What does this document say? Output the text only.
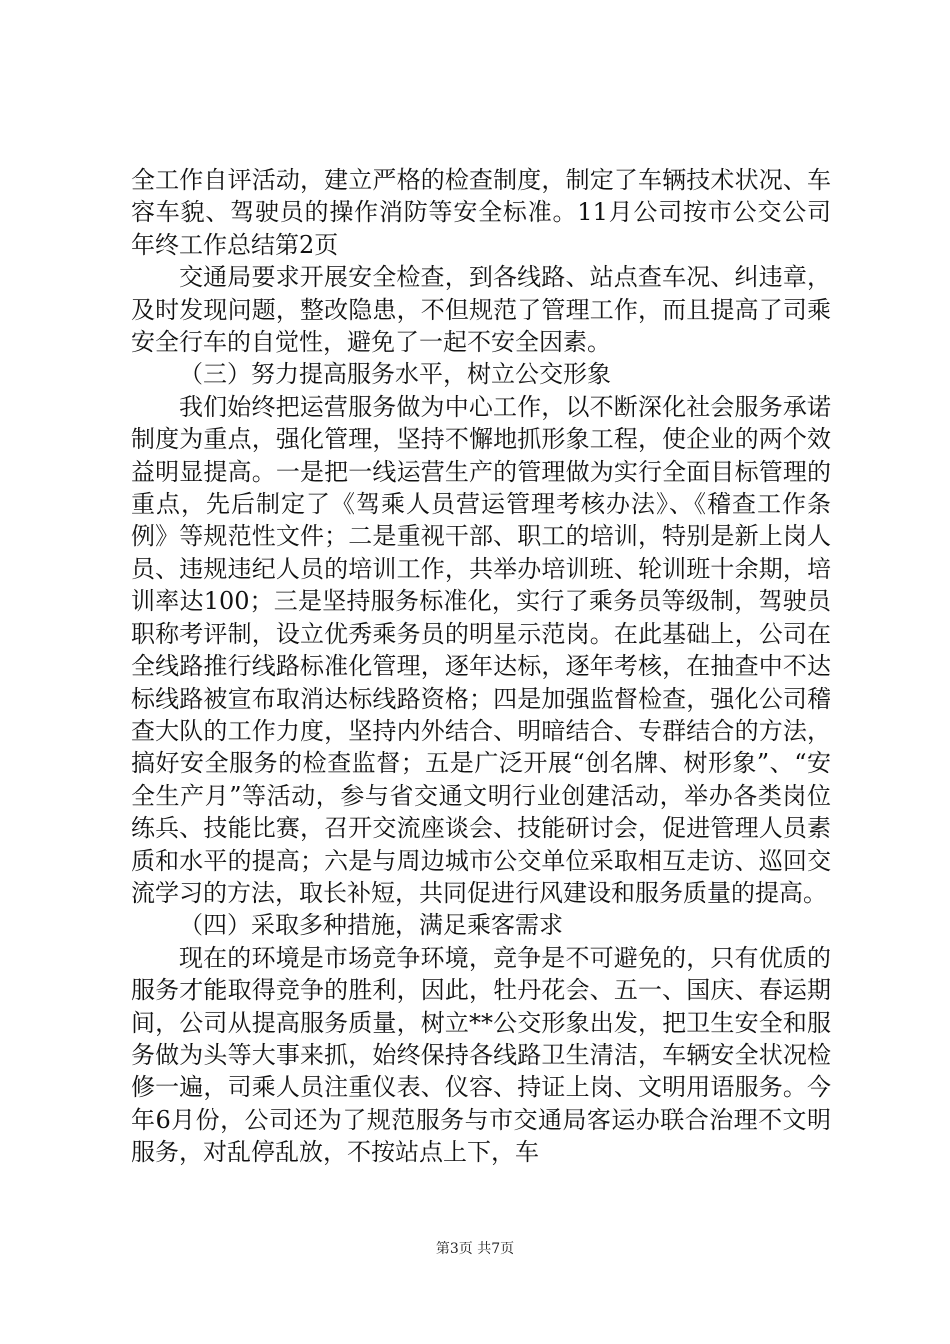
全工作自评活动，建立严格的检查制度，制定了车辆技术状况、车容车貌、驾驶员的操作消防等安全标准。11月公司按市公交公司年终工作总结第2页

交通局要求开展安全检查，到各线路、站点查车况、纠违章，及时发现问题，整改隐患，不但规范了管理工作，而且提高了司乘安全行车的自觉性，避免了一起不安全因素。

（三）努力提高服务水平，树立公交形象

我们始终把运营服务做为中心工作，以不断深化社会服务承诺制度为重点，强化管理，坚持不懈地抓形象工程，使企业的两个效益明显提高。一是把一线运营生产的管理做为实行全面目标管理的重点，先后制定了《驾乘人员营运管理考核办法》、《稽查工作条例》等规范性文件；二是重视干部、职工的培训，特别是新上岗人员、违规违纪人员的培训工作，共举办培训班、轮训班十余期，培训率达100；三是坚持服务标准化，实行了乘务员等级制，驾驶员职称考评制，设立优秀乘务员的明星示范岗。在此基础上，公司在全线路推行线路标准化管理，逐年达标，逐年考核，在抽查中不达标线路被宣布取消达标线路资格；四是加强监督检查，强化公司稽查大队的工作力度，坚持内外结合、明暗结合、专群结合的方法，搞好安全服务的检查监督；五是广泛开展“创名牌、树形象”、“安全生产月”等活动，参与省交通文明行业创建活动，举办各类岗位练兵、技能比赛，召开交流座谈会、技能研讨会，促进管理人员素质和水平的提高；六是与周边城市公交单位采取相互走访、巡回交流学习的方法，取长补短，共同促进行风建设和服务质量的提高。

（四）采取多种措施，满足乘客需求

现在的环境是市场竞争环境，竞争是不可避免的，只有优质的服务才能取得竞争的胜利，因此，牡丹花会、五一、国庆、春运期间，公司从提高服务质量，树立**公交形象出发，把卫生安全和服务做为头等大事来抓，始终保持各线路卫生清洁，车辆安全状况检修一遍，司乘人员注重仪表、仪容、持证上岗、文明用语服务。今年6月份，公司还为了规范服务与市交通局客运办联合治理不文明服务，对乱停乱放，不按站点上下，车

第3页 共7页
